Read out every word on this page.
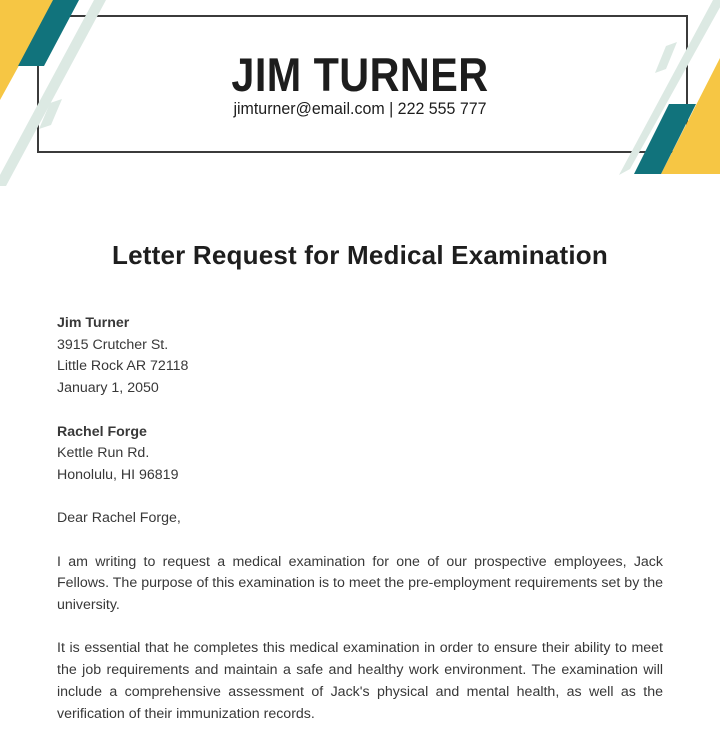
JIM TURNER
jimturner@email.com | 222 555 777
Letter Request for Medical Examination
Jim Turner
3915 Crutcher St.
Little Rock AR 72118
January 1, 2050
Rachel Forge
Kettle Run Rd.
Honolulu, HI 96819
Dear Rachel Forge,

I am writing to request a medical examination for one of our prospective employees, Jack Fellows. The purpose of this examination is to meet the pre-employment requirements set by the university.

It is essential that he completes this medical examination in order to ensure their ability to meet the job requirements and maintain a safe and healthy work environment. The examination will include a comprehensive assessment of Jack's physical and mental health, as well as the verification of their immunization records.
